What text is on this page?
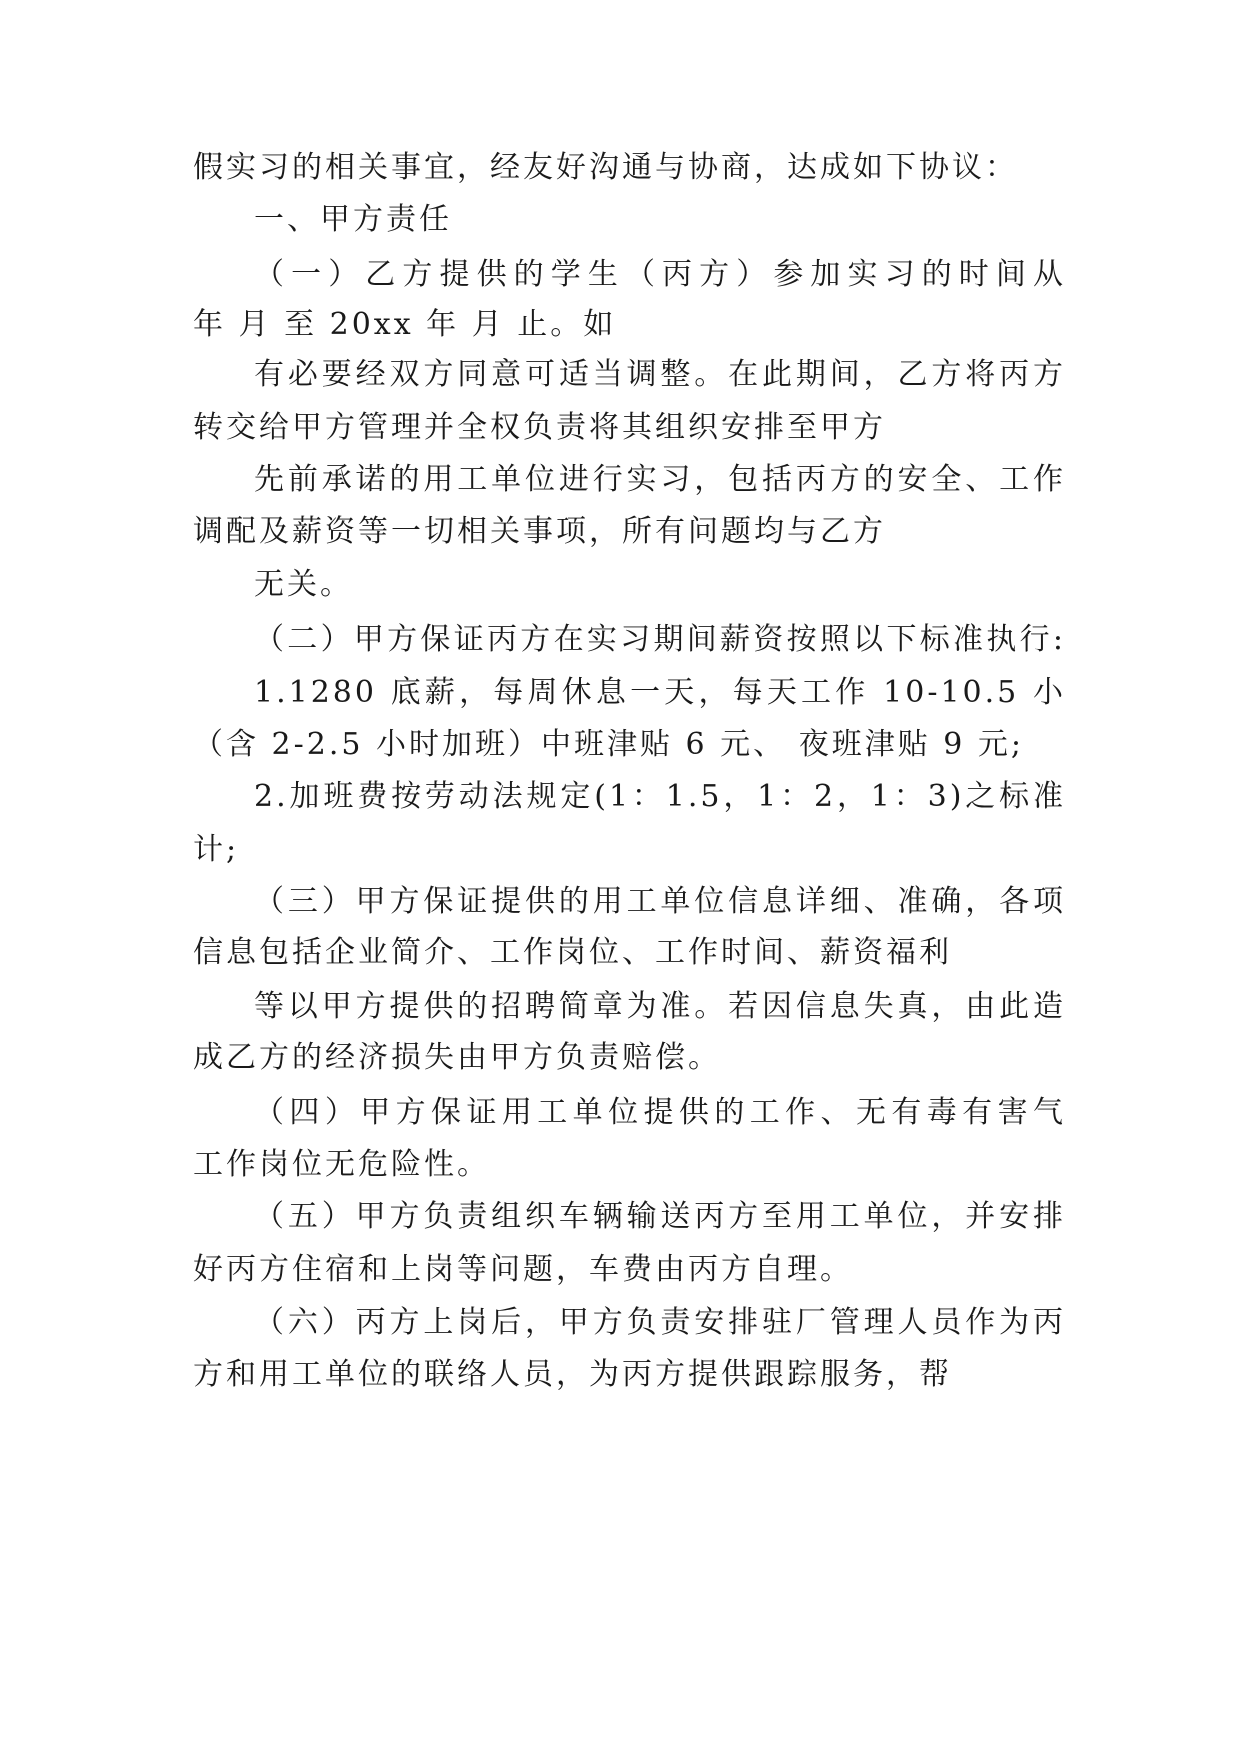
假实习的相关事宜，经友好沟通与协商，达成如下协议：
一、甲方责任
（一）乙方提供的学生（丙方）参加实习的时间从
年 月 至 20xx 年 月 止。如
有必要经双方同意可适当调整。在此期间，乙方将丙方
转交给甲方管理并全权负责将其组织安排至甲方
先前承诺的用工单位进行实习，包括丙方的安全、工作
调配及薪资等一切相关事项，所有问题均与乙方
无关。
（二）甲方保证丙方在实习期间薪资按照以下标准执行:
1.1280 底薪，每周休息一天，每天工作 10-10.5 小
（含 2-2.5 小时加班）中班津贴 6 元、 夜班津贴 9 元;
2.加班费按劳动法规定(1：1.5，1：2，1：3)之标准
计;
（三）甲方保证提供的用工单位信息详细、准确，各项
信息包括企业简介、工作岗位、工作时间、薪资福利
等以甲方提供的招聘简章为准。若因信息失真，由此造
成乙方的经济损失由甲方负责赔偿。
（四）甲方保证用工单位提供的工作、无有毒有害气
工作岗位无危险性。
（五）甲方负责组织车辆输送丙方至用工单位，并安排
好丙方住宿和上岗等问题，车费由丙方自理。
（六）丙方上岗后，甲方负责安排驻厂管理人员作为丙
方和用工单位的联络人员，为丙方提供跟踪服务，帮
